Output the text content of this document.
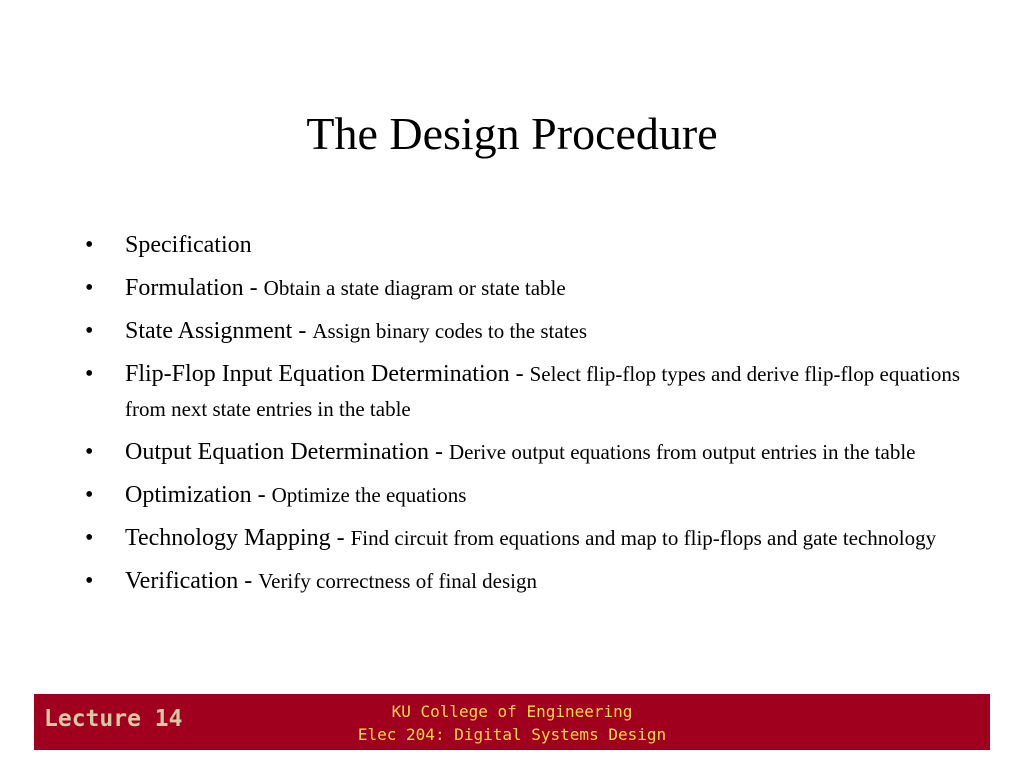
The Design Procedure
• Specification
• Formulation - Obtain a state diagram or state table
• State Assignment - Assign binary codes to the states
• Flip-Flop Input Equation Determination - Select flip-flop types and derive flip-flop equations from next state entries in the table
• Output Equation Determination - Derive output equations from output entries in the table
• Optimization - Optimize the equations
• Technology Mapping - Find circuit from equations and map to flip-flops and gate technology
• Verification - Verify correctness of final design
Lecture 14	KU College of Engineering
Elec 204: Digital Systems Design
